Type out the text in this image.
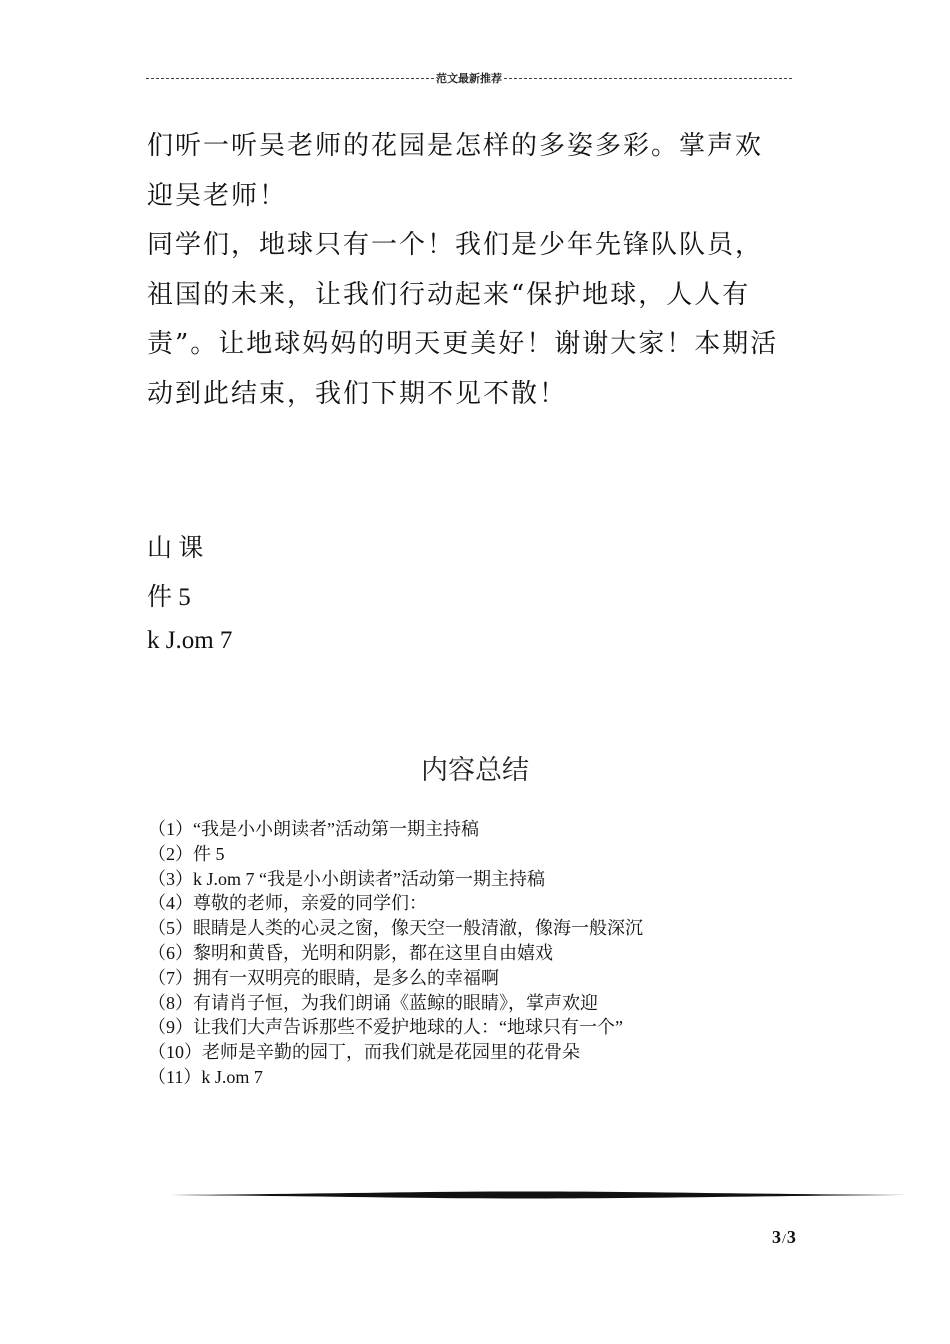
范文最新推荐

们听一听吴老师的花园是怎样的多姿多彩。掌声欢迎吴老师！

同学们，地球只有一个！我们是少年先锋队队员，祖国的未来，让我们行动起来“保护地球，人人有责”。让地球妈妈的明天更美好！谢谢大家！本期活动到此结束，我们下期不见不散！

山 课
件 5
k J.om 7
内容总结
（1）“我是小小朗读者”活动第一期主持稿
（2）件 5
（3）k J.om 7 “我是小小朗读者”活动第一期主持稿
（4）尊敬的老师，亲爱的同学们：
（5）眼睛是人类的心灵之窗，像天空一般清澈，像海一般深沉
（6）黎明和黄昏，光明和阴影，都在这里自由嬉戏
（7）拥有一双明亮的眼睛，是多么的幸福啊
（8）有请肖子恒，为我们朗诵《蓝鲸的眼睛》，掌声欢迎
（9）让我们大声告诉那些不爱护地球的人：“地球只有一个”
（10）老师是辛勤的园丁，而我们就是花园里的花骨朵
（11）k J.om 7
3/3
